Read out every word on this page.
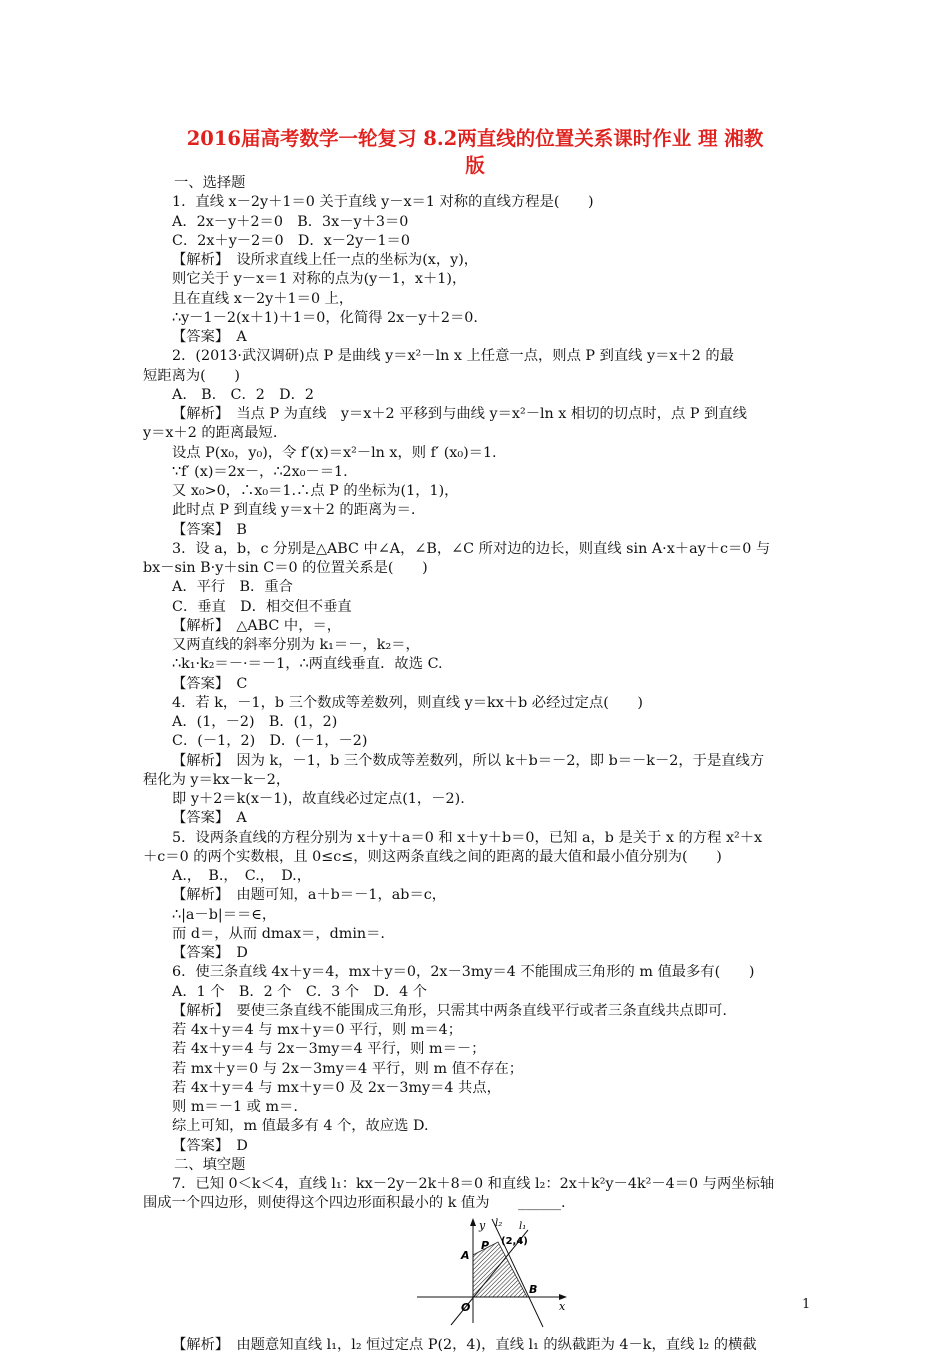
2016届高考数学一轮复习 8.2两直线的位置关系课时作业 理 湘教
版
一、选择题
1．直线 x－2y＋1＝0 关于直线 y－x＝1 对称的直线方程是(　　)
A．2x－y＋2＝0　B．3x－y＋3＝0
C．2x＋y－2＝0　D．x－2y－1＝0
【解析】　设所求直线上任一点的坐标为(x，y)，
则它关于 y－x＝1 对称的点为(y－1，x＋1)，
且在直线 x－2y＋1＝0 上，
∴y－1－2(x＋1)＋1＝0，化简得 2x－y＋2＝0.
【答案】　A
2．(2013·武汉调研)点 P 是曲线 y＝x²－ln x 上任意一点，则点 P 到直线 y＝x＋2 的最
短距离为(　　)
A.　B.　C．2　D．2
【解析】　当点 P 为直线　y＝x＋2 平移到与曲线 y＝x²－ln x 相切的切点时，点 P 到直线
y＝x＋2 的距离最短.
设点 P(x₀，y₀)，令 f′(x)＝x²－ln x，则 f′ (x₀)＝1.
∵f′ (x)＝2x－，∴2x₀－＝1.
又 x₀>0，∴x₀＝1.∴点 P 的坐标为(1，1)，
此时点 P 到直线 y＝x＋2 的距离为＝.
【答案】　B
3．设 a，b，c 分别是△ABC 中∠A，∠B，∠C 所对边的边长，则直线 sin A·x＋ay＋c＝0 与
bx－sin B·y＋sin C＝0 的位置关系是(　　)
A．平行　B．重合
C．垂直　D．相交但不垂直
【解析】　△ABC 中，＝，
又两直线的斜率分别为 k₁＝－，k₂＝，
∴k₁·k₂＝－·＝－1，∴两直线垂直．故选 C.
【答案】　C
4．若 k，－1，b 三个数成等差数列，则直线 y＝kx＋b 必经过定点(　　)
A．(1，－2)　B．(1，2)
C．(－1，2)　D．(－1，－2)
【解析】　因为 k，－1，b 三个数成等差数列，所以 k＋b＝－2，即 b＝－k－2，于是直线方
程化为 y＝kx－k－2，
即 y＋2＝k(x－1)，故直线必过定点(1，－2).
【答案】　A
5．设两条直线的方程分别为 x＋y＋a＝0 和 x＋y＋b＝0，已知 a，b 是关于 x 的方程 x²＋x
＋c＝0 的两个实数根，且 0≤c≤，则这两条直线之间的距离的最大值和最小值分别为(　　)
A.，　B.，　C.，　D.，
【解析】　由题可知，a＋b＝－1，ab＝c，
∴|a－b|＝＝∈，
而 d＝，从而 dmax＝，dmin＝.
【答案】　D
6．使三条直线 4x＋y＝4，mx＋y＝0，2x－3my＝4 不能围成三角形的 m 值最多有(　　)
A．1 个　B．2 个　C．3 个　D．4 个
【解析】　要使三条直线不能围成三角形，只需其中两条直线平行或者三条直线共点即可.
若 4x＋y＝4 与 mx＋y＝0 平行，则 m＝4；
若 4x＋y＝4 与 2x－3my＝4 平行，则 m＝－；
若 mx＋y＝0 与 2x－3my＝4 平行，则 m 值不存在；
若 4x＋y＝4 与 mx＋y＝0 及 2x－3my＝4 共点，
则 m＝－1 或 m＝.
综上可知，m 值最多有 4 个，故应选 D.
【答案】　D
二、填空题
7．已知 0＜k＜4，直线 l₁：kx－2y－2k＋8＝0 和直线 l₂：2x＋k²y－4k²－4＝0 与两坐标轴
围成一个四边形，则使得这个四边形面积最小的 k 值为　　______.
y
x
l₂ l₁
P (2,4)
A
B
O
【解析】　由题意知直线 l₁，l₂ 恒过定点 P(2，4)，直线 l₁ 的纵截距为 4－k，直线 l₂ 的横截
1
